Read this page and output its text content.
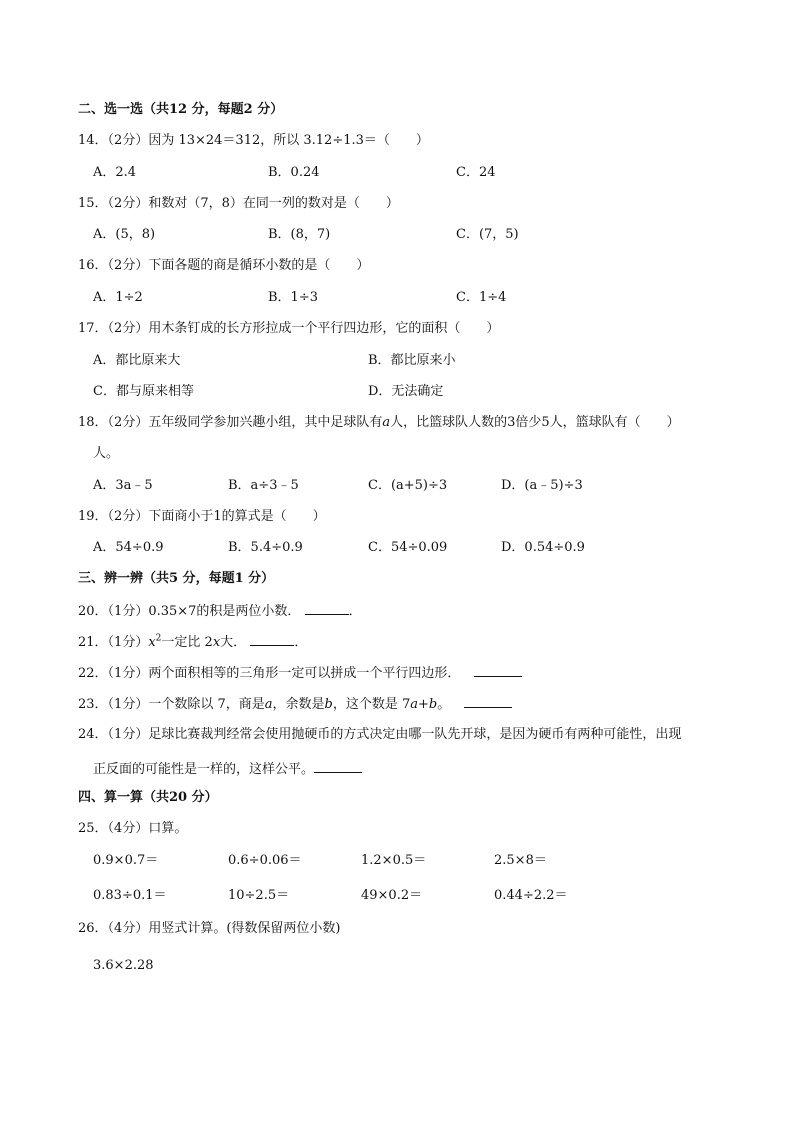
二、选一选（共12 分，每题2 分）
14．（2分）因为 13×24＝312，所以 3.12÷1.3＝（　　）
A．2.4	B．0.24	C．24
15．（2分）和数对（7，8）在同一列的数对是（　　）
A．(5，8)	B．(8，7)	C．(7，5)
16．（2分）下面各题的商是循环小数的是（　　）
A．1÷2	B．1÷3	C．1÷4
17．（2分）用木条钉成的长方形拉成一个平行四边形，它的面积（　　）
A．都比原来大	B．都比原来小
C．都与原来相等	D．无法确定
18．（2分）五年级同学参加兴趣小组，其中足球队有a人，比篮球队人数的3倍少5人，篮球队有（　　）
人。
A．3a﹣5	B．a÷3﹣5	C．(a+5)÷3	D．(a﹣5)÷3
19．（2分）下面商小于1的算式是（　　）
A．54÷0.9	B．5.4÷0.9	C．54÷0.09	D．0.54÷0.9
三、辨一辨（共5 分，每题1 分）
20．（1分）0.35×7的积是两位小数．	．
21．（1分）$x^2$一定比 2x大．	．
22．（1分）两个面积相等的三角形一定可以拼成一个平行四边形．
23．（1分）一个数除以 7，商是a，余数是b，这个数是 7a+b。
24．（1分）足球比赛裁判经常会使用抛硬币的方式决定由哪一队先开球，是因为硬币有两种可能性，出现
正反面的可能性是一样的，这样公平。
四、算一算（共20 分）
25．（4分）口算。
0.9×0.7＝	0.6÷0.06＝	1.2×0.5＝	2.5×8＝
0.83÷0.1＝	10÷2.5＝	49×0.2＝	0.44÷2.2＝
26．（4分）用竖式计算。(得数保留两位小数)
3.6×2.28
